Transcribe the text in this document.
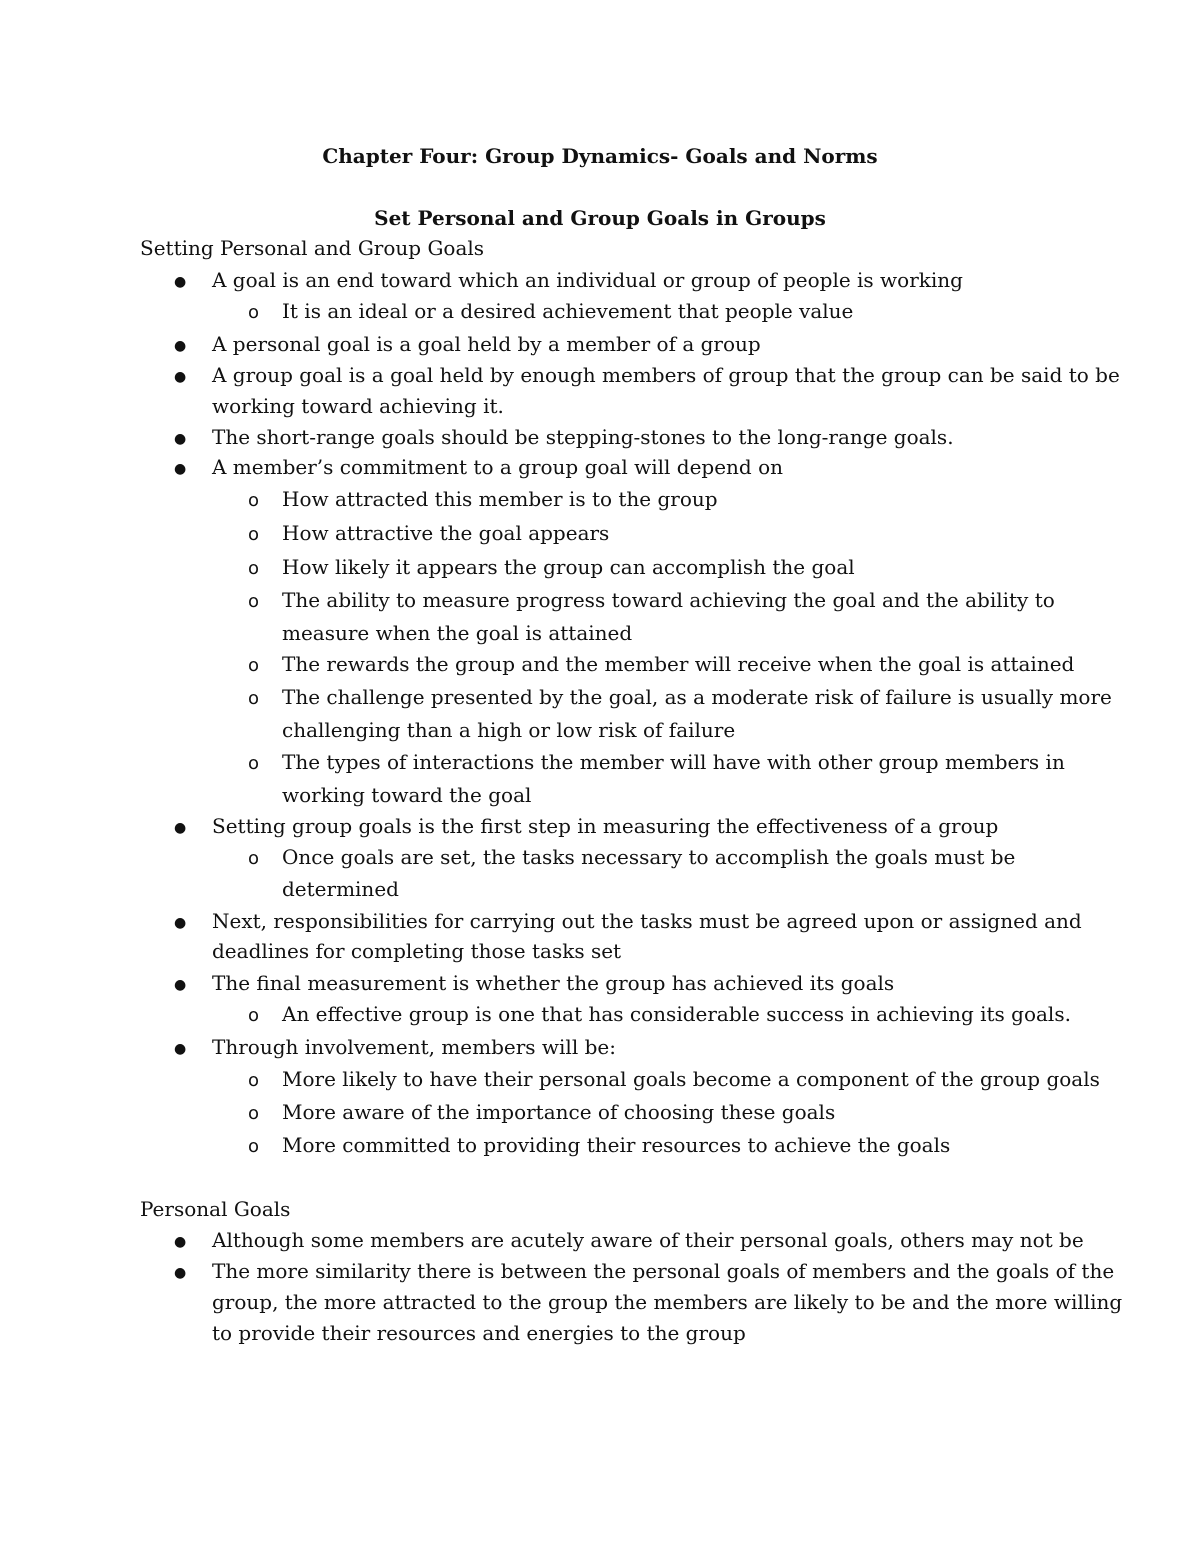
Chapter Four: Group Dynamics- Goals and Norms
Set Personal and Group Goals in Groups

Setting Personal and Group Goals

● A goal is an end toward which an individual or group of people is working
o It is an ideal or a desired achievement that people value
● A personal goal is a goal held by a member of a group
● A group goal is a goal held by enough members of group that the group can be said to be
working toward achieving it.
● The short-range goals should be stepping-stones to the long-range goals.
● A member’s commitment to a group goal will depend on
o How attracted this member is to the group
o How attractive the goal appears
o How likely it appears the group can accomplish the goal
o The ability to measure progress toward achieving the goal and the ability to
measure when the goal is attained
o The rewards the group and the member will receive when the goal is attained
o The challenge presented by the goal, as a moderate risk of failure is usually more
challenging than a high or low risk of failure
o The types of interactions the member will have with other group members in
working toward the goal
● Setting group goals is the first step in measuring the effectiveness of a group
o Once goals are set, the tasks necessary to accomplish the goals must be
determined
● Next, responsibilities for carrying out the tasks must be agreed upon or assigned and
deadlines for completing those tasks set
● The final measurement is whether the group has achieved its goals
o An effective group is one that has considerable success in achieving its goals.
● Through involvement, members will be:
o More likely to have their personal goals become a component of the group goals
o More aware of the importance of choosing these goals
o More committed to providing their resources to achieve the goals

Personal Goals

● Although some members are acutely aware of their personal goals, others may not be
● The more similarity there is between the personal goals of members and the goals of the
group, the more attracted to the group the members are likely to be and the more willing
to provide their resources and energies to the group
